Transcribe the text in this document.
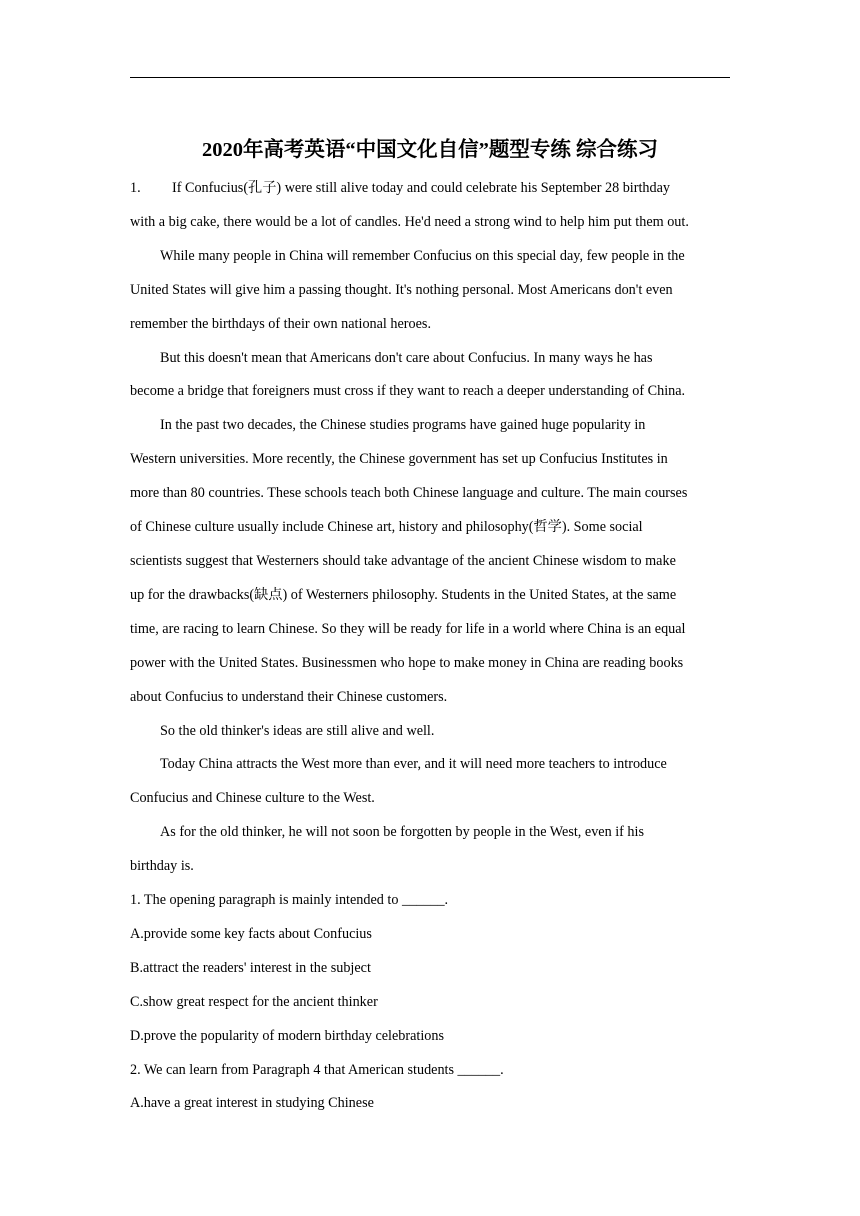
2020年高考英语“中国文化自信”题型专练 综合练习

1. If Confucius(孔子) were still alive today and could celebrate his September 28 birthday
with a big cake, there would be a lot of candles. He'd need a strong wind to help him put them out.

While many people in China will remember Confucius on this special day, few people in the
United States will give him a passing thought. It's nothing personal. Most Americans don't even
remember the birthdays of their own national heroes.

But this doesn't mean that Americans don't care about Confucius. In many ways he has
become a bridge that foreigners must cross if they want to reach a deeper understanding of China.

In the past two decades, the Chinese studies programs have gained huge popularity in
Western universities. More recently, the Chinese government has set up Confucius Institutes in
more than 80 countries. These schools teach both Chinese language and culture. The main courses
of Chinese culture usually include Chinese art, history and philosophy(哲学). Some social
scientists suggest that Westerners should take advantage of the ancient Chinese wisdom to make
up for the drawbacks(缺点) of Westerners philosophy. Students in the United States, at the same
time, are racing to learn Chinese. So they will be ready for life in a world where China is an equal
power with the United States. Businessmen who hope to make money in China are reading books
about Confucius to understand their Chinese customers.

So the old thinker's ideas are still alive and well.

Today China attracts the West more than ever, and it will need more teachers to introduce
Confucius and Chinese culture to the West.

As for the old thinker, he will not soon be forgotten by people in the West, even if his
birthday is.

1. The opening paragraph is mainly intended to ______.
A.provide some key facts about Confucius
B.attract the readers' interest in the subject
C.show great respect for the ancient thinker
D.prove the popularity of modern birthday celebrations

2. We can learn from Paragraph 4 that American students ______.
A.have a great interest in studying Chinese
